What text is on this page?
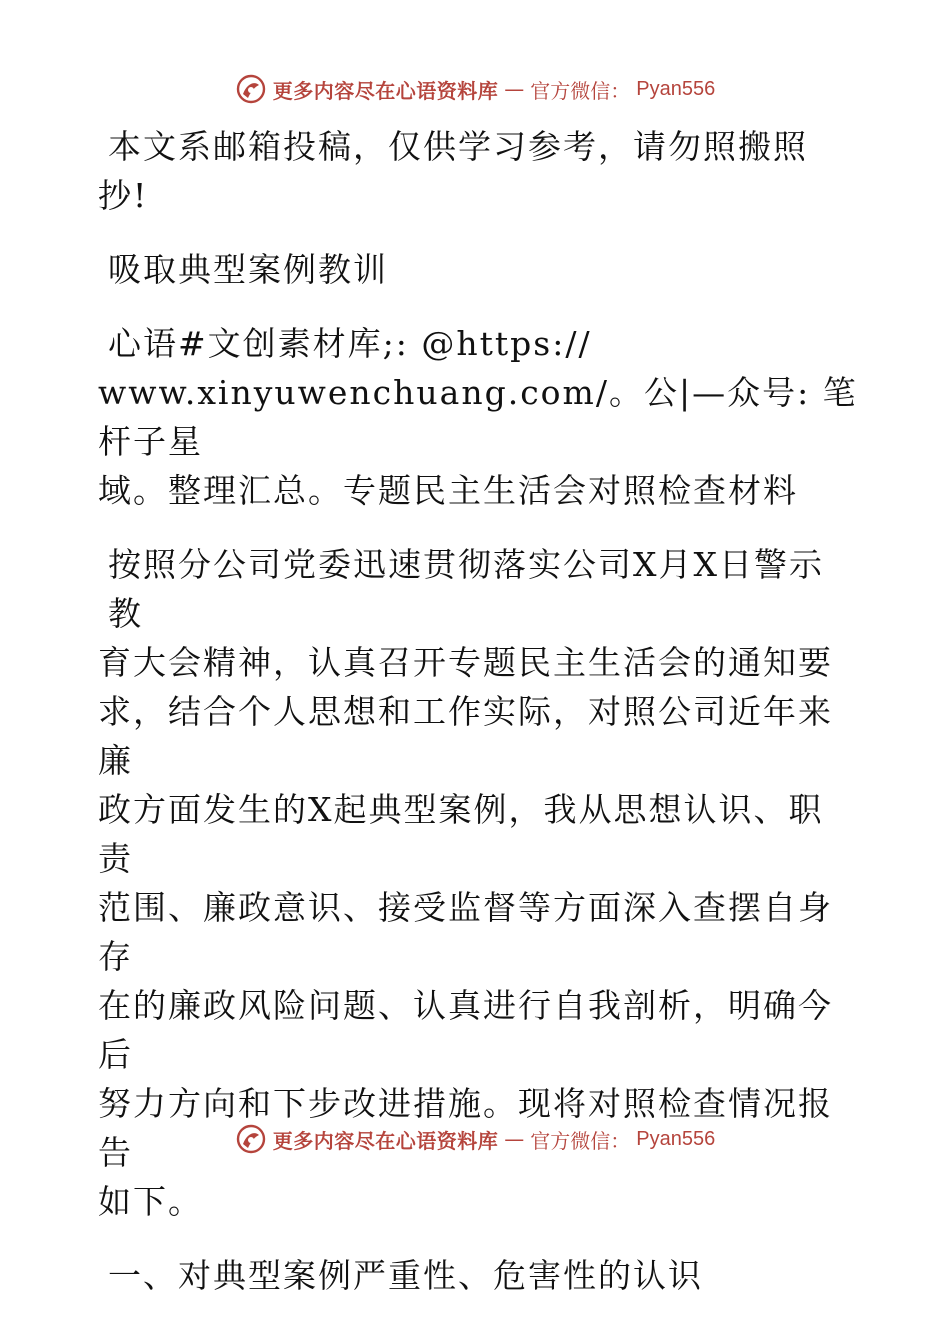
更多内容尽在心语资料库 — 官方微信： Pyan556

本文系邮箱投稿，仅供学习参考，请勿照搬照
抄!

吸取典型案例教训

心语#文创素材库;: @https://
www.xinyuwenchuang.com/。公|—众号: 笔杆子星
域。整理汇总。专题民主生活会对照检查材料

按照分公司党委迅速贯彻落实公司X月X日警示教
育大会精神，认真召开专题民主生活会的通知要
求，结合个人思想和工作实际，对照公司近年来廉
政方面发生的X起典型案例，我从思想认识、职责
范围、廉政意识、接受监督等方面深入查摆自身存
在的廉政风险问题、认真进行自我剖析，明确今后
努力方向和下步改进措施。现将对照检查情况报告
如下。

一、对典型案例严重性、危害性的认识

更多内容尽在心语资料库 — 官方微信： Pyan556
